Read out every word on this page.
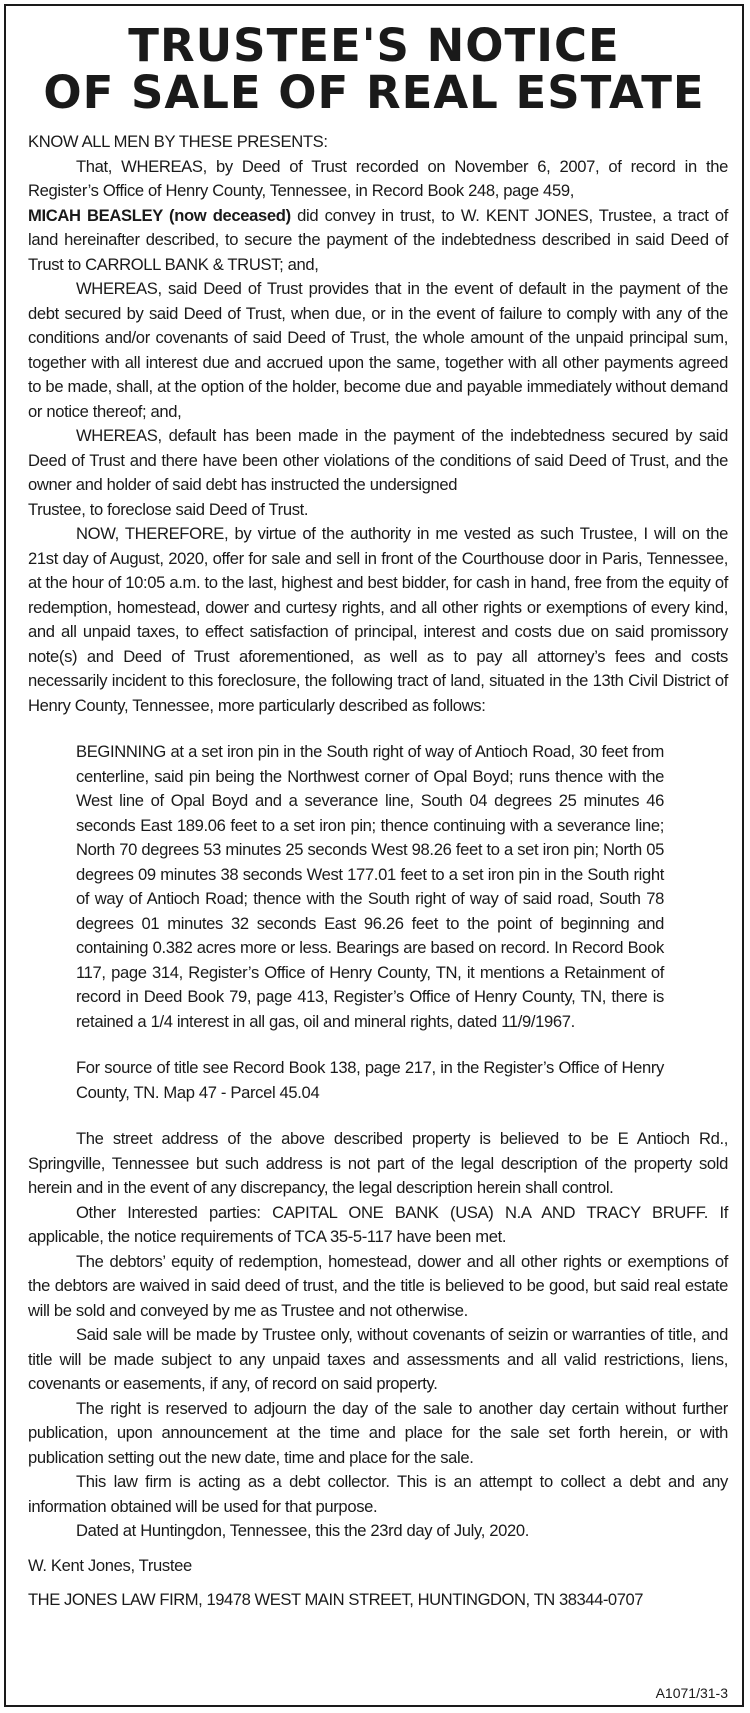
TRUSTEE'S NOTICE
OF SALE OF REAL ESTATE

KNOW ALL MEN BY THESE PRESENTS:

That, WHEREAS, by Deed of Trust recorded on November 6, 2007, of record in the Register’s Office of Henry County, Tennessee, in Record Book 248, page 459,
MICAH BEASLEY (now deceased) did convey in trust, to W. KENT JONES, Trustee, a tract of land hereinafter described, to secure the payment of the indebtedness described in said Deed of Trust to CARROLL BANK & TRUST; and,

WHEREAS, said Deed of Trust provides that in the event of default in the payment of the debt secured by said Deed of Trust, when due, or in the event of failure to comply with any of the conditions and/or covenants of said Deed of Trust, the whole amount of the unpaid principal sum, together with all interest due and accrued upon the same, together with all other payments agreed to be made, shall, at the option of the holder, become due and payable immediately without demand or notice thereof; and,

WHEREAS, default has been made in the payment of the indebtedness secured by said Deed of Trust and there have been other violations of the conditions of said Deed of Trust, and the owner and holder of said debt has instructed the undersigned
Trustee, to foreclose said Deed of Trust.

NOW, THEREFORE, by virtue of the authority in me vested as such Trustee, I will on the 21st day of August, 2020, offer for sale and sell in front of the Courthouse door in Paris, Tennessee, at the hour of 10:05 a.m. to the last, highest and best bidder, for cash in hand, free from the equity of redemption, homestead, dower and curtesy rights, and all other rights or exemptions of every kind, and all unpaid taxes, to effect satisfaction of principal, interest and costs due on said promissory note(s) and Deed of Trust aforementioned, as well as to pay all attorney’s fees and costs necessarily incident to this foreclosure, the following tract of land, situated in the 13th Civil District of Henry County, Tennessee, more particularly described as follows:

BEGINNING at a set iron pin in the South right of way of Antioch Road, 30 feet from centerline, said pin being the Northwest corner of Opal Boyd; runs thence with the West line of Opal Boyd and a severance line, South 04 degrees 25 minutes 46 seconds East 189.06 feet to a set iron pin; thence continuing with a severance line; North 70 degrees 53 minutes 25 seconds West 98.26 feet to a set iron pin; North 05 degrees 09 minutes 38 seconds West 177.01 feet to a set iron pin in the South right of way of Antioch Road; thence with the South right of way of said road, South 78 degrees 01 minutes 32 seconds East 96.26 feet to the point of beginning and containing 0.382 acres more or less. Bearings are based on record. In Record Book 117, page 314, Register’s Office of Henry County, TN, it mentions a Retainment of record in Deed Book 79, page 413, Register’s Office of Henry County, TN, there is retained a 1/4 interest in all gas, oil and mineral rights, dated 11/9/1967.

For source of title see Record Book 138, page 217, in the Register’s Office of Henry County, TN. Map 47 - Parcel 45.04

The street address of the above described property is believed to be E Antioch Rd., Springville, Tennessee but such address is not part of the legal description of the property sold herein and in the event of any discrepancy, the legal description herein shall control.

Other Interested parties: CAPITAL ONE BANK (USA) N.A AND TRACY BRUFF. If applicable, the notice requirements of TCA 35-5-117 have been met.

The debtors’ equity of redemption, homestead, dower and all other rights or exemptions of the debtors are waived in said deed of trust, and the title is believed to be good, but said real estate will be sold and conveyed by me as Trustee and not otherwise.

Said sale will be made by Trustee only, without covenants of seizin or warranties of title, and title will be made subject to any unpaid taxes and assessments and all valid restrictions, liens, covenants or easements, if any, of record on said property.

The right is reserved to adjourn the day of the sale to another day certain without further publication, upon announcement at the time and place for the sale set forth herein, or with publication setting out the new date, time and place for the sale.

This law firm is acting as a debt collector. This is an attempt to collect a debt and any information obtained will be used for that purpose.

Dated at Huntingdon, Tennessee, this the 23rd day of July, 2020.

W. Kent Jones, Trustee

THE JONES LAW FIRM, 19478 WEST MAIN STREET, HUNTINGDON, TN 38344-0707

A1071/31-3
